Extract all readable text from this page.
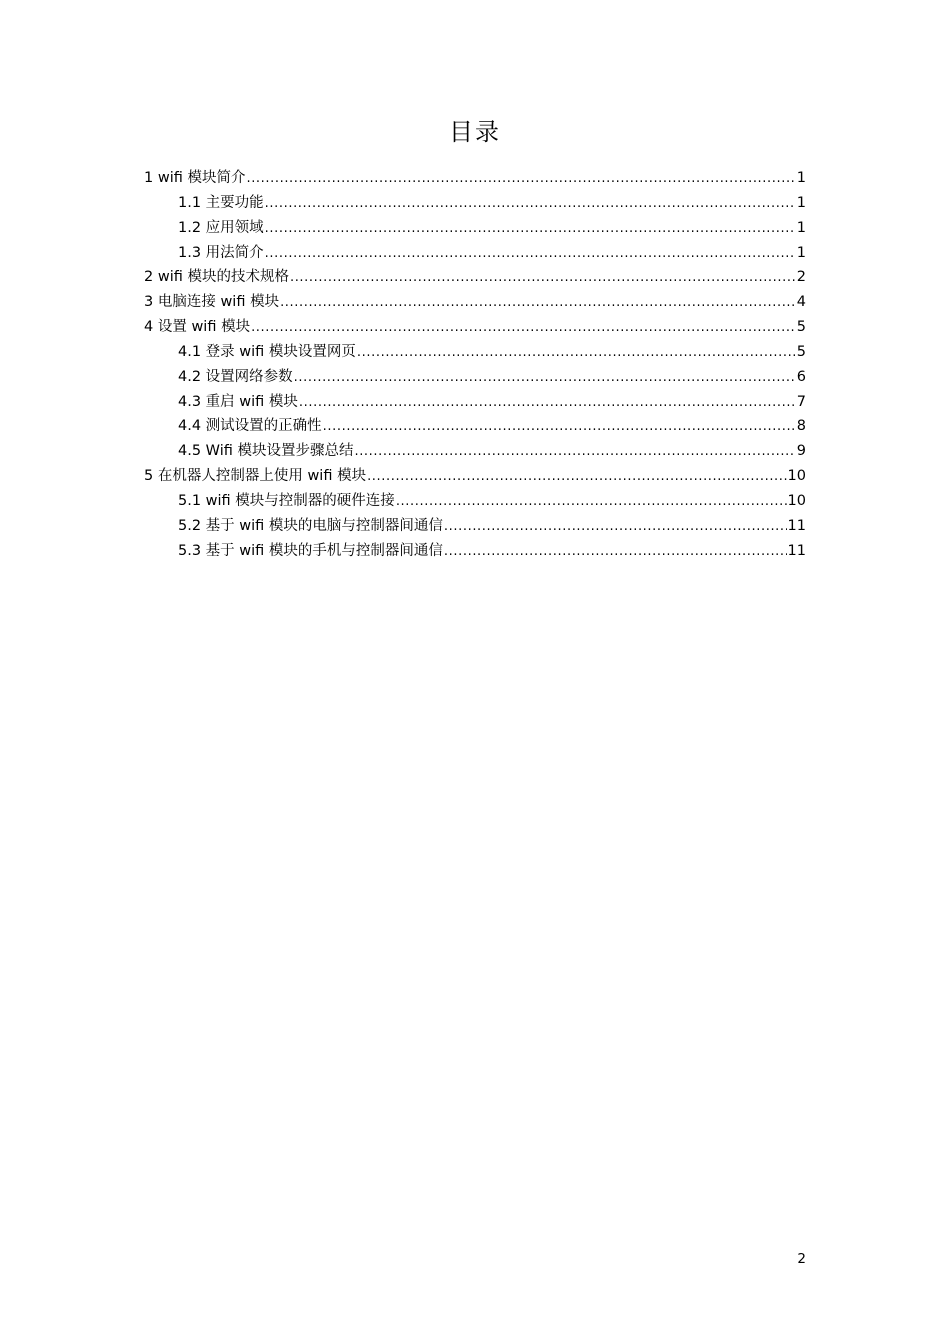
目录
1 wifi 模块简介 .....	1
1.1 主要功能 .....	1
1.2 应用领域 .....	1
1.3 用法简介 .....	1
2 wifi 模块的技术规格 .....	2
3 电脑连接 wifi 模块 .....	4
4 设置 wifi 模块 .....	5
4.1 登录 wifi 模块设置网页 .....	5
4.2 设置网络参数 .....	6
4.3 重启 wifi 模块 .....	7
4.4 测试设置的正确性 .....	8
4.5 Wifi 模块设置步骤总结 .....	9
5 在机器人控制器上使用 wifi 模块 .....	10
5.1 wifi 模块与控制器的硬件连接 .....	10
5.2 基于 wifi 模块的电脑与控制器间通信 .....	11
5.3 基于 wifi 模块的手机与控制器间通信 .....	11
2
